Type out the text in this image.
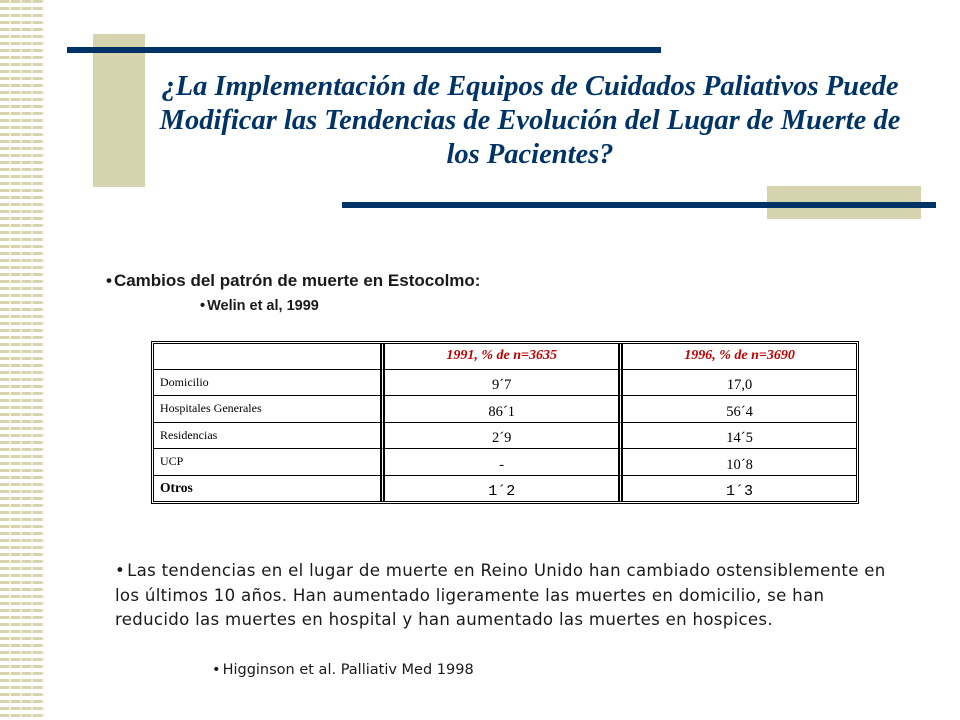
¿La Implementación de Equipos de Cuidados Paliativos Puede Modificar las Tendencias de Evolución del Lugar de Muerte de los Pacientes?
• Cambios del patrón de muerte en Estocolmo:
• Welin et al, 1999
	1991, % de n=3635	1996, % de n=3690
Domicilio	9´7	17,0
Hospitales Generales	86´1	56´4
Residencias	2´9	14´5
UCP	-	10´8
Otros	1´2	1´3
• Las tendencias en el lugar de muerte en Reino Unido han cambiado ostensiblemente en los últimos 10 años. Han aumentado ligeramente las muertes en domicilio, se han reducido las muertes en hospital y han aumentado las muertes en hospices.
• Higginson et al. Palliativ Med 1998
